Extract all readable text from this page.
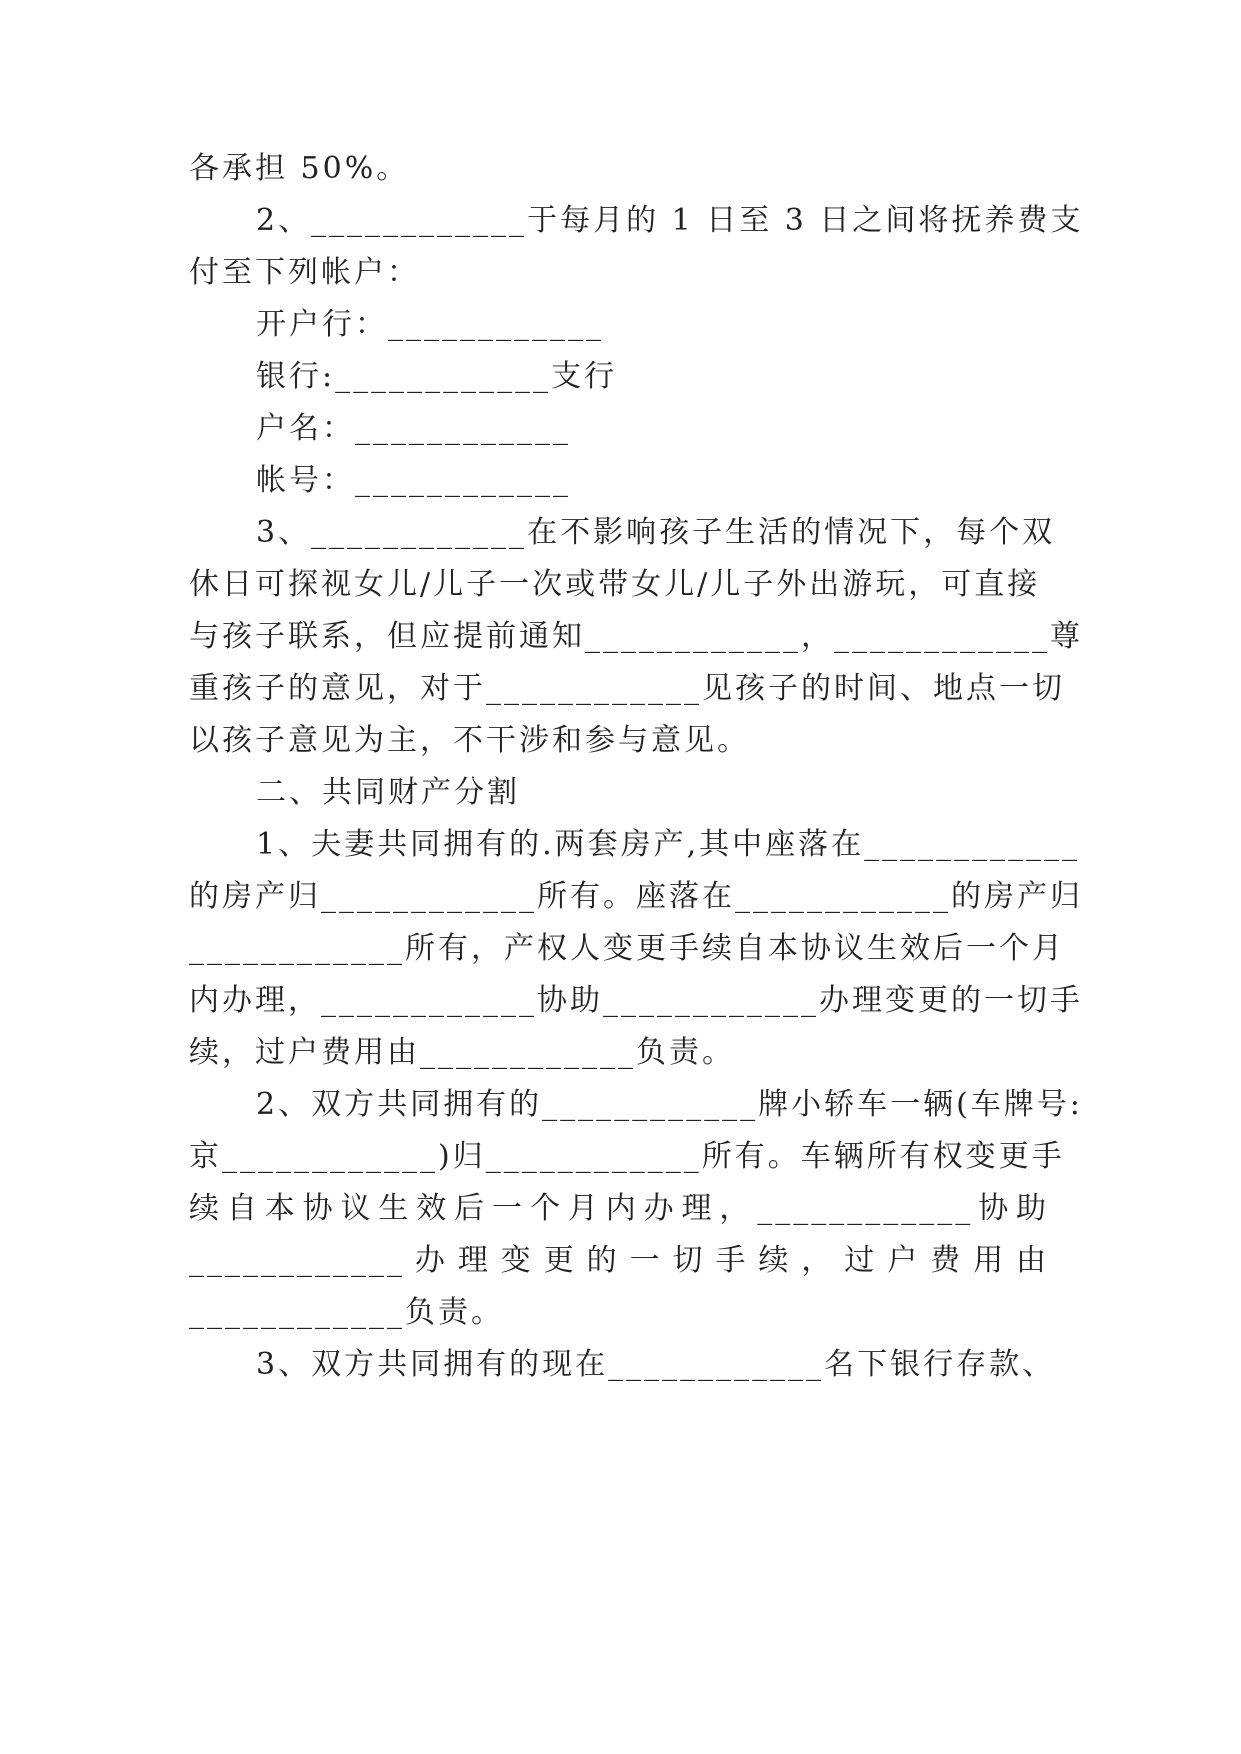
各承担 50%。
2、____________于每月的 1 日至 3 日之间将抚养费支
付至下列帐户：
开户行：____________
银行:____________支行
户名：____________
帐号：____________
3、____________在不影响孩子生活的情况下，每个双
休日可探视女儿/儿子一次或带女儿/儿子外出游玩，可直接
与孩子联系，但应提前通知____________，____________尊
重孩子的意见，对于____________见孩子的时间、地点一切
以孩子意见为主，不干涉和参与意见。
二、共同财产分割
1、夫妻共同拥有的.两套房产,其中座落在____________
的房产归____________所有。座落在____________的房产归
____________所有，产权人变更手续自本协议生效后一个月
内办理，____________协助____________办理变更的一切手
续，过户费用由____________负责。
2、双方共同拥有的____________牌小轿车一辆(车牌号:
京____________)归____________所有。车辆所有权变更手
续自本协议生效后一个月内办理，____________协助
____________办理变更的一切手续，过户费用由
____________负责。
3、双方共同拥有的现在____________名下银行存款、
